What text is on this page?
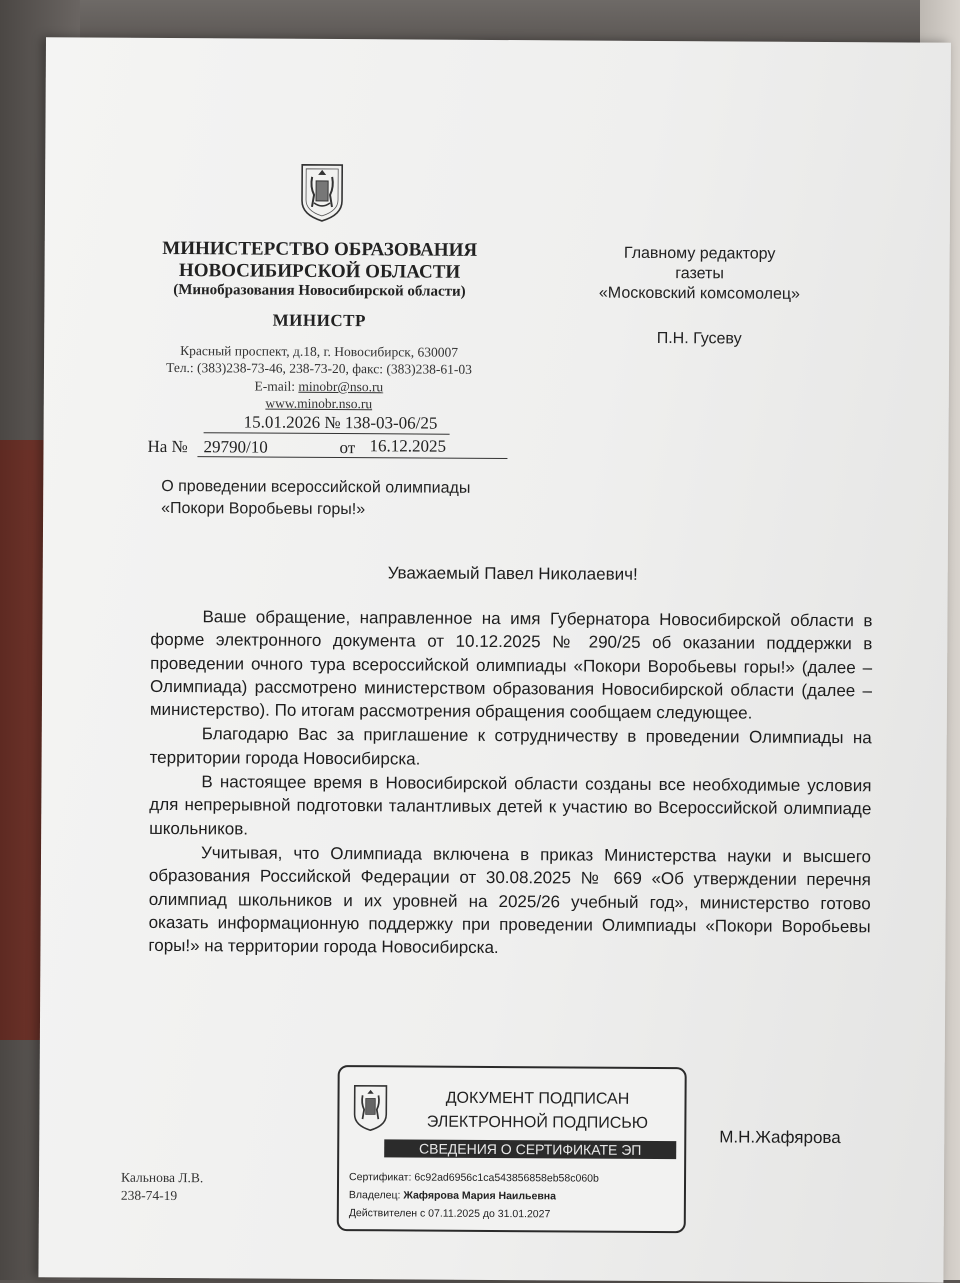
МИНИСТЕРСТВО ОБРАЗОВАНИЯ
НОВОСИБИРСКОЙ ОБЛАСТИ
(Минобразования Новосибирской области)
МИНИСТР
Красный проспект, д.18, г. Новосибирск, 630007
Тел.: (383)238-73-46, 238-73-20, факс: (383)238-61-03
E-mail: minobr@nso.ru
www.minobr.nso.ru
15.01.2026 № 138-03-06/25
На № 29790/10	от 16.12.2025
Главному редактору
газеты
«Московский комсомолец»
П.Н. Гусеву
О проведении всероссийской олимпиады
«Покори Воробьевы горы!»
Уважаемый Павел Николаевич!

Ваше обращение, направленное на имя Губернатора Новосибирской области в форме электронного документа от 10.12.2025 № 290/25 об оказании поддержки в проведении очного тура всероссийской олимпиады «Покори Воробьевы горы!» (далее – Олимпиада) рассмотрено министерством образования Новосибирской области (далее – министерство). По итогам рассмотрения обращения сообщаем следующее.

Благодарю Вас за приглашение к сотрудничеству в проведении Олимпиады на территории города Новосибирска.

В настоящее время в Новосибирской области созданы все необходимые условия для непрерывной подготовки талантливых детей к участию во Всероссийской олимпиаде школьников.

Учитывая, что Олимпиада включена в приказ Министерства науки и высшего образования Российской Федерации от 30.08.2025 № 669 «Об утверждении перечня олимпиад школьников и их уровней на 2025/26 учебный год», министерство готово оказать информационную поддержку при проведении Олимпиады «Покори Воробьевы горы!» на территории города Новосибирска.

ДОКУМЕНТ ПОДПИСАН
ЭЛЕКТРОННОЙ ПОДПИСЬЮ
СВЕДЕНИЯ О СЕРТИФИКАТЕ ЭП
Сертификат: 6c92ad6956c1ca543856858eb58c060b
Владелец: Жафярова Мария Наильевна
Действителен с 07.11.2025 до 31.01.2027
М.Н.Жафярова
Кальнова Л.В.
238-74-19
